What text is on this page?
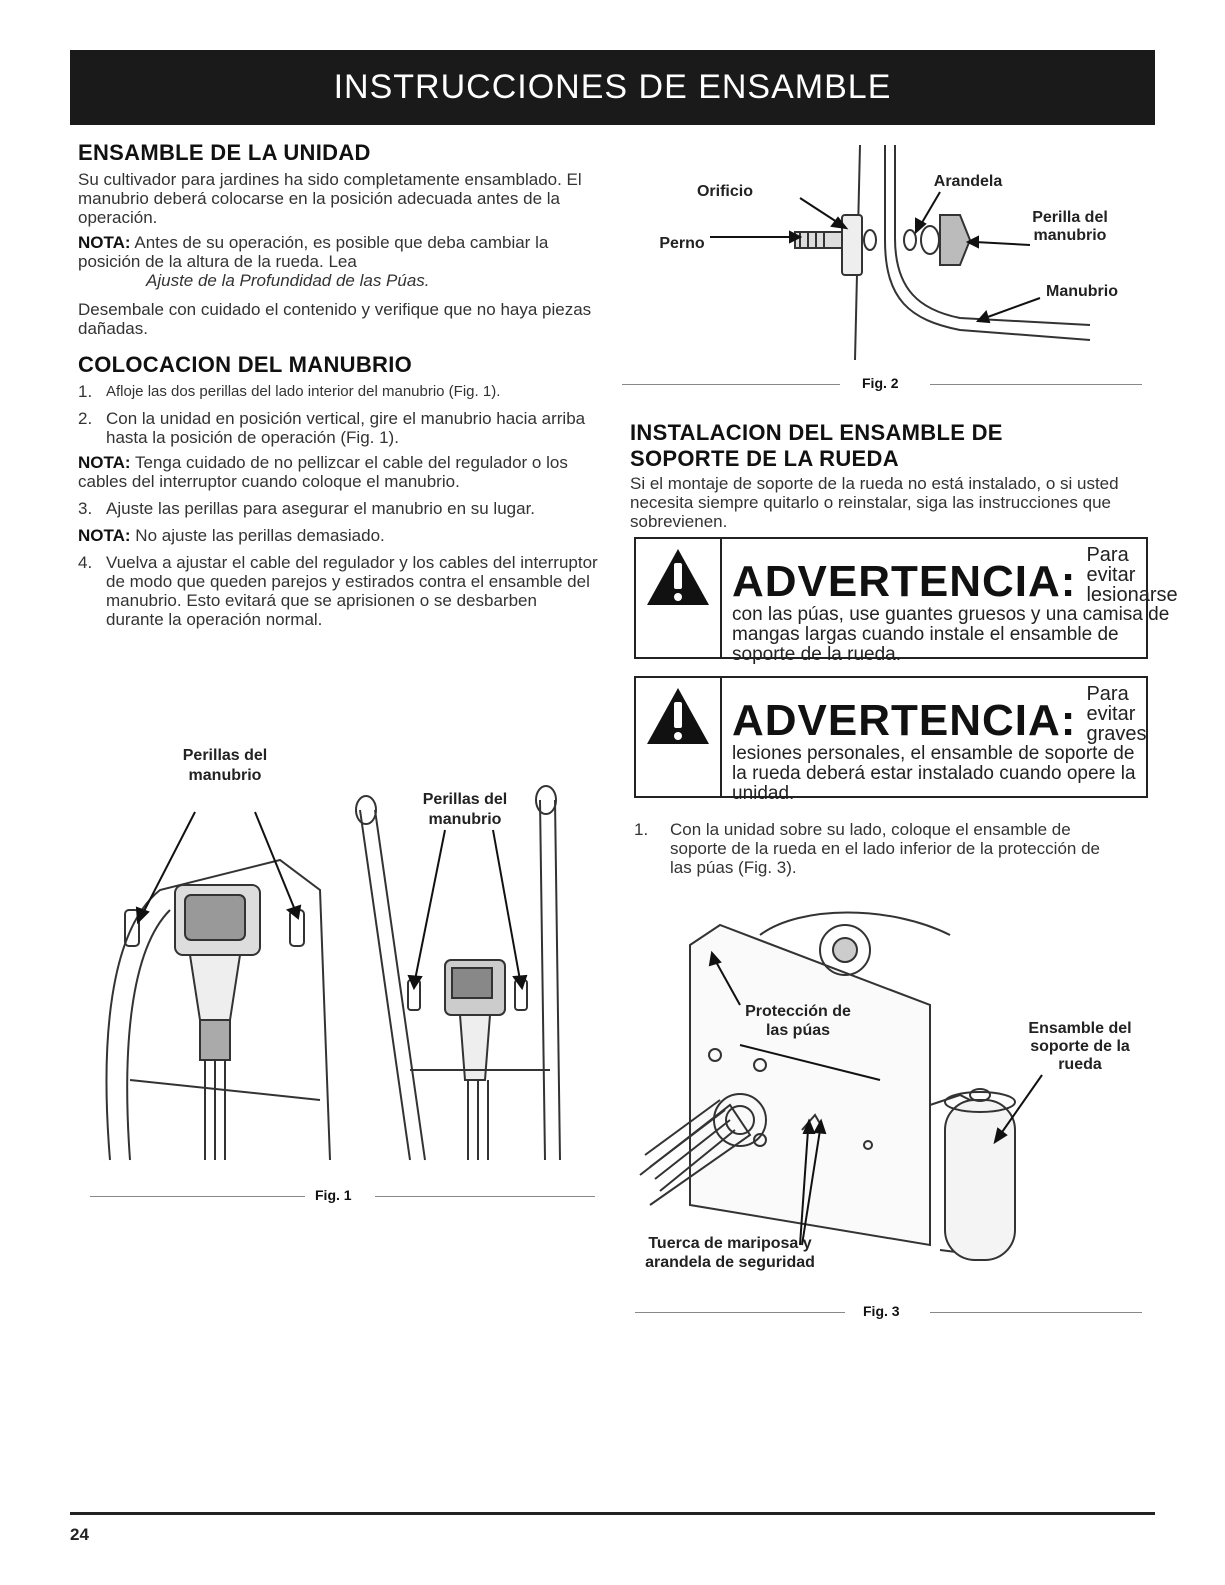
INSTRUCCIONES DE ENSAMBLE
ENSAMBLE DE LA UNIDAD

Su cultivador para jardines ha sido completamente ensamblado. El manubrio deberá colocarse en la posición adecuada antes de la operación.

NOTA: Antes de su operación, es posible que deba cambiar la posición de la altura de la rueda. Lea
Ajuste de la Profundidad de las Púas.

Desembale con cuidado el contenido y verifique que no haya piezas dañadas.

COLOCACION DEL MANUBRIO
1. Afloje las dos perillas del lado interior del manubrio (Fig. 1).
2. Con la unidad en posición vertical, gire el manubrio hacia arriba hasta la posición de operación (Fig. 1).
NOTA: Tenga cuidado de no pellizcar el cable del regulador o los cables del interruptor cuando coloque el manubrio.
3. Ajuste las perillas para asegurar el manubrio en su lugar.
NOTA: No ajuste las perillas demasiado.
4. Vuelva a ajustar el cable del regulador y los cables del interruptor de modo que queden parejos y estirados contra el ensamble del manubrio. Esto evitará que se aprisionen o se desbarben durante la operación normal.
Perillas del
manubrio
Perillas del
manubrio
Fig. 1
Orificio
Arandela
Perilla del
manubrio
Perno
Manubrio
Fig. 2
INSTALACION DEL ENSAMBLE DE
SOPORTE DE LA RUEDA

Si el montaje de soporte de la rueda no está instalado, o si usted necesita siempre quitarlo o reinstalar, siga las instrucciones que sobrevienen.

ADVERTENCIA:
Para evitar
lesionarse
con las púas, use guantes gruesos y una camisa de mangas largas cuando instale el ensamble de soporte de la rueda.
ADVERTENCIA:
Para evitar
graves
lesiones personales, el ensamble de soporte de la rueda deberá estar instalado cuando opere la unidad.
1.	Con la unidad sobre su lado, coloque el ensamble de soporte de la rueda en el lado inferior de la protección de las púas (Fig. 3).
Protección de
las púas	Ensamble del
soporte de la
rueda
Tuerca de mariposa y
arandela de seguridad
Fig. 3
24
